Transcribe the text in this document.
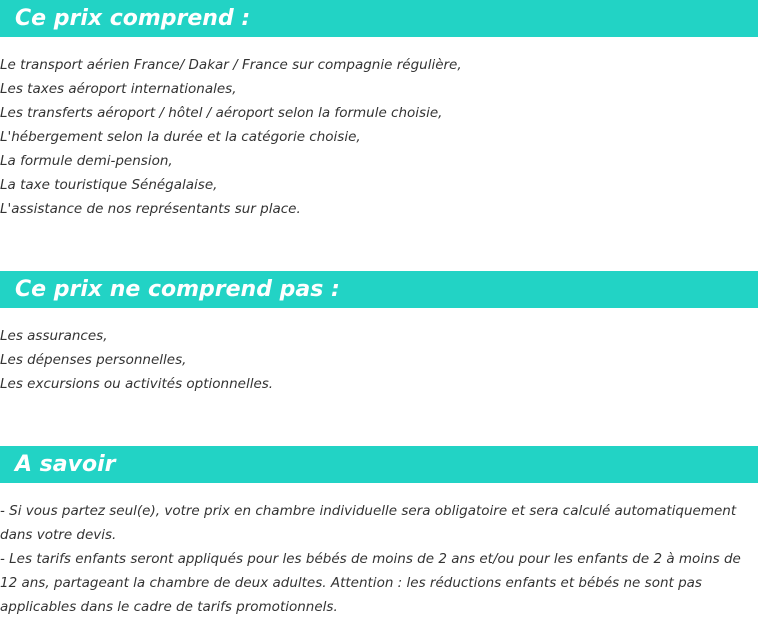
Ce prix comprend :
Le transport aérien France/ Dakar / France sur compagnie régulière,
Les taxes aéroport internationales,
Les transferts aéroport / hôtel / aéroport selon la formule choisie,
L'hébergement selon la durée et la catégorie choisie,
La formule demi-pension,
La taxe touristique Sénégalaise,
L'assistance de nos représentants sur place.
Ce prix ne comprend pas :
Les assurances,
Les dépenses personnelles,
Les excursions ou activités optionnelles.
A savoir
- Si vous partez seul(e), votre prix en chambre individuelle sera obligatoire et sera calculé automatiquement dans votre devis.
- Les tarifs enfants seront appliqués pour les bébés de moins de 2 ans et/ou pour les enfants de 2 à moins de 12 ans, partageant la chambre de deux adultes. Attention : les réductions enfants et bébés ne sont pas applicables dans le cadre de tarifs promotionnels.
